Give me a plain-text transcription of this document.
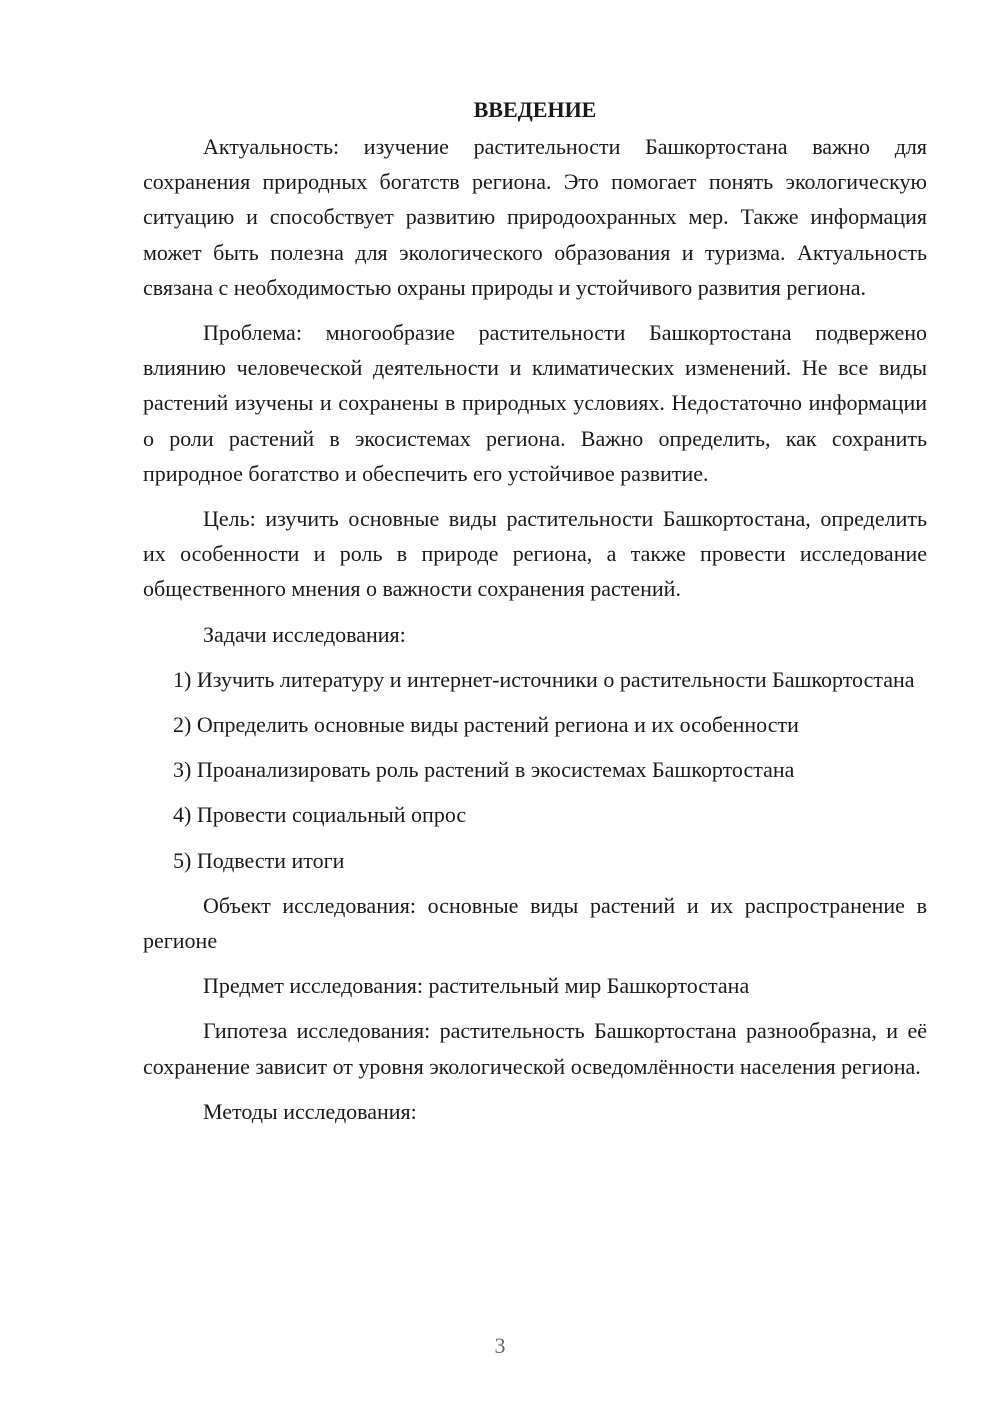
ВВЕДЕНИЕ

Актуальность: изучение растительности Башкортостана важно для сохранения природных богатств региона. Это помогает понять экологическую ситуацию и способствует развитию природоохранных мер. Также информация может быть полезна для экологического образования и туризма. Актуальность связана с необходимостью охраны природы и устойчивого развития региона.

Проблема: многообразие растительности Башкортостана подвержено влиянию человеческой деятельности и климатических изменений. Не все виды растений изучены и сохранены в природных условиях. Недостаточно информации о роли растений в экосистемах региона. Важно определить, как сохранить природное богатство и обеспечить его устойчивое развитие.

Цель: изучить основные виды растительности Башкортостана, определить их особенности и роль в природе региона, а также провести исследование общественного мнения о важности сохранения растений.

Задачи исследования:

1) Изучить литературу и интернет-источники о растительности Башкортостана

2) Определить основные виды растений региона и их особенности

3) Проанализировать роль растений в экосистемах Башкортостана

4) Провести социальный опрос

5) Подвести итоги

Объект исследования: основные виды растений и их распространение в регионе

Предмет исследования: растительный мир Башкортостана

Гипотеза исследования: растительность Башкортостана разнообразна, и её сохранение зависит от уровня экологической осведомлённости населения региона.

Методы исследования:

3
